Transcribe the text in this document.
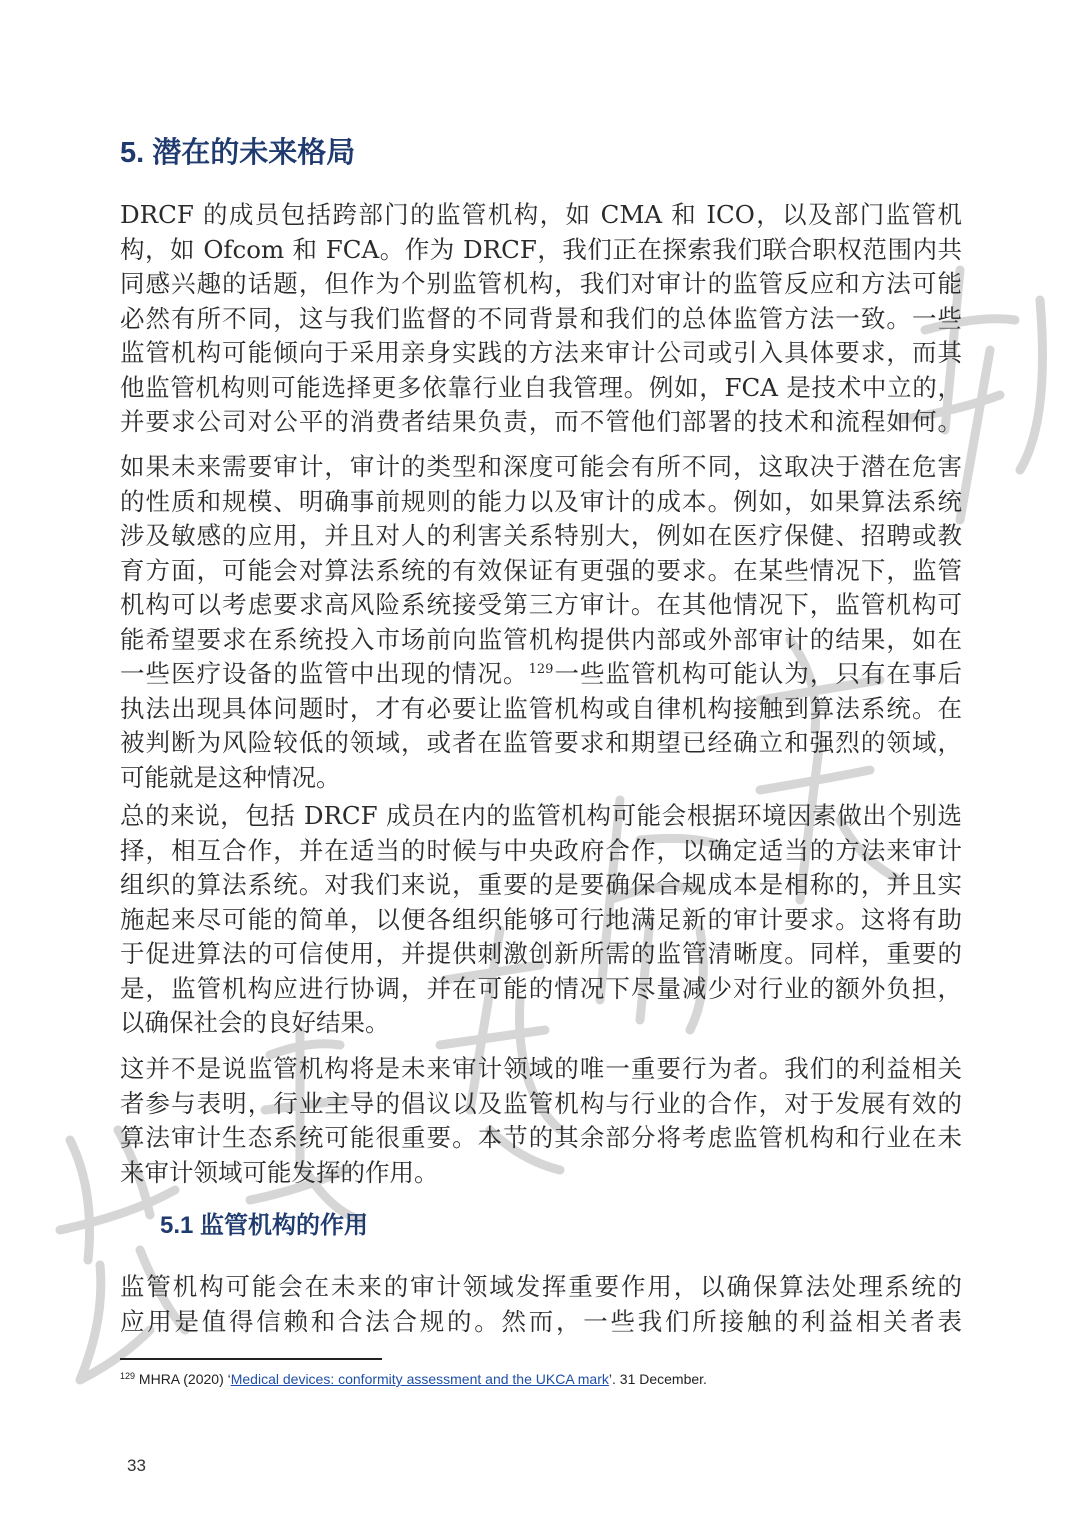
5. 潜在的未来格局

DRCF 的成员包括跨部门的监管机构，如 CMA 和 ICO，以及部门监管机
构，如 Ofcom 和 FCA。作为 DRCF，我们正在探索我们联合职权范围内共
同感兴趣的话题，但作为个别监管机构，我们对审计的监管反应和方法可能
必然有所不同，这与我们监督的不同背景和我们的总体监管方法一致。一些
监管机构可能倾向于采用亲身实践的方法来审计公司或引入具体要求，而其
他监管机构则可能选择更多依靠行业自我管理。例如，FCA 是技术中立的，
并要求公司对公平的消费者结果负责，而不管他们部署的技术和流程如何。

如果未来需要审计，审计的类型和深度可能会有所不同，这取决于潜在危害
的性质和规模、明确事前规则的能力以及审计的成本。例如，如果算法系统
涉及敏感的应用，并且对人的利害关系特别大，例如在医疗保健、招聘或教
育方面，可能会对算法系统的有效保证有更强的要求。在某些情况下，监管
机构可以考虑要求高风险系统接受第三方审计。在其他情况下，监管机构可
能希望要求在系统投入市场前向监管机构提供内部或外部审计的结果，如在
一些医疗设备的监管中出现的情况。$^{129}$一些监管机构可能认为，只有在事后
执法出现具体问题时，才有必要让监管机构或自律机构接触到算法系统。在
被判断为风险较低的领域，或者在监管要求和期望已经确立和强烈的领域，
可能就是这种情况。

总的来说，包括 DRCF 成员在内的监管机构可能会根据环境因素做出个别选
择，相互合作，并在适当的时候与中央政府合作，以确定适当的方法来审计
组织的算法系统。对我们来说，重要的是要确保合规成本是相称的，并且实
施起来尽可能的简单，以便各组织能够可行地满足新的审计要求。这将有助
于促进算法的可信使用，并提供刺激创新所需的监管清晰度。同样，重要的
是，监管机构应进行协调，并在可能的情况下尽量减少对行业的额外负担，
以确保社会的良好结果。

这并不是说监管机构将是未来审计领域的唯一重要行为者。我们的利益相关
者参与表明，行业主导的倡议以及监管机构与行业的合作，对于发展有效的
算法审计生态系统可能很重要。本节的其余部分将考虑监管机构和行业在未
来审计领域可能发挥的作用。

5.1 监管机构的作用

监管机构可能会在未来的审计领域发挥重要作用，以确保算法处理系统的
应用是值得信赖和合法合规的。然而，一些我们所接触的利益相关者表

$^{129}$ MHRA (2020) ‘Medical devices: conformity assessment and the UKCA mark’. 31 December.

33
